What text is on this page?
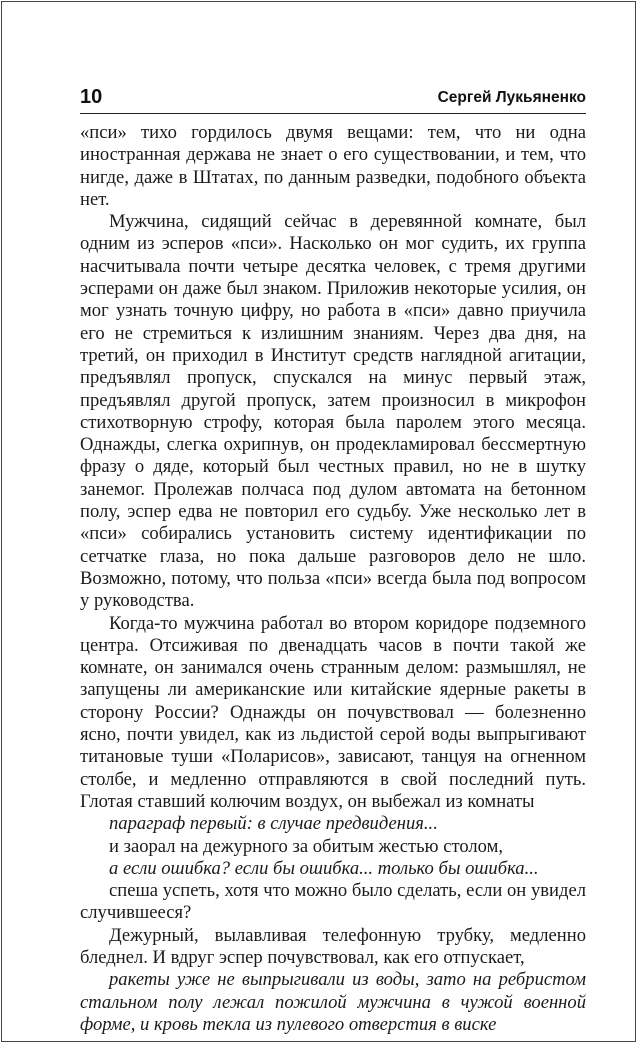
10	Сергей Лукьяненко

«пси» тихо гордилось двумя вещами: тем, что ни одна иностранная держава не знает о его существовании, и тем, что нигде, даже в Штатах, по данным разведки, подобного объекта нет.

Мужчина, сидящий сейчас в деревянной комнате, был одним из эсперов «пси». Насколько он мог судить, их группа насчитывала почти четыре десятка человек, с тремя другими эсперами он даже был знаком. Приложив некоторые усилия, он мог узнать точную цифру, но работа в «пси» давно приучила его не стремиться к излишним знаниям. Через два дня, на третий, он приходил в Институт средств наглядной агитации, предъявлял пропуск, спускался на минус первый этаж, предъявлял другой пропуск, затем произносил в микрофон стихотворную строфу, которая была паролем этого месяца. Однажды, слегка охрипнув, он продекламировал бессмертную фразу о дяде, который был честных правил, но не в шутку занемог. Пролежав полчаса под дулом автомата на бетонном полу, эспер едва не повторил его судьбу. Уже несколько лет в «пси» собирались установить систему идентификации по сетчатке глаза, но пока дальше разговоров дело не шло. Возможно, потому, что польза «пси» всегда была под вопросом у руководства.

Когда-то мужчина работал во втором коридоре подземного центра. Отсиживая по двенадцать часов в почти такой же комнате, он занимался очень странным делом: размышлял, не запущены ли американские или китайские ядерные ракеты в сторону России? Однажды он почувствовал — болезненно ясно, почти увидел, как из льдистой серой воды выпрыгивают титановые туши «Поларисов», зависают, танцуя на огненном столбе, и медленно отправляются в свой последний путь. Глотая ставший колючим воздух, он выбежал из комнаты

параграф первый: в случае предвидения...

и заорал на дежурного за обитым жестью столом,

а если ошибка? если бы ошибка... только бы ошибка...

спеша успеть, хотя что можно было сделать, если он увидел случившееся?

Дежурный, вылавливая телефонную трубку, медленно бледнел. И вдруг эспер почувствовал, как его отпускает,

ракеты уже не выпрыгивали из воды, зато на ребристом стальном полу лежал пожилой мужчина в чужой военной форме, и кровь текла из пулевого отверстия в виске
